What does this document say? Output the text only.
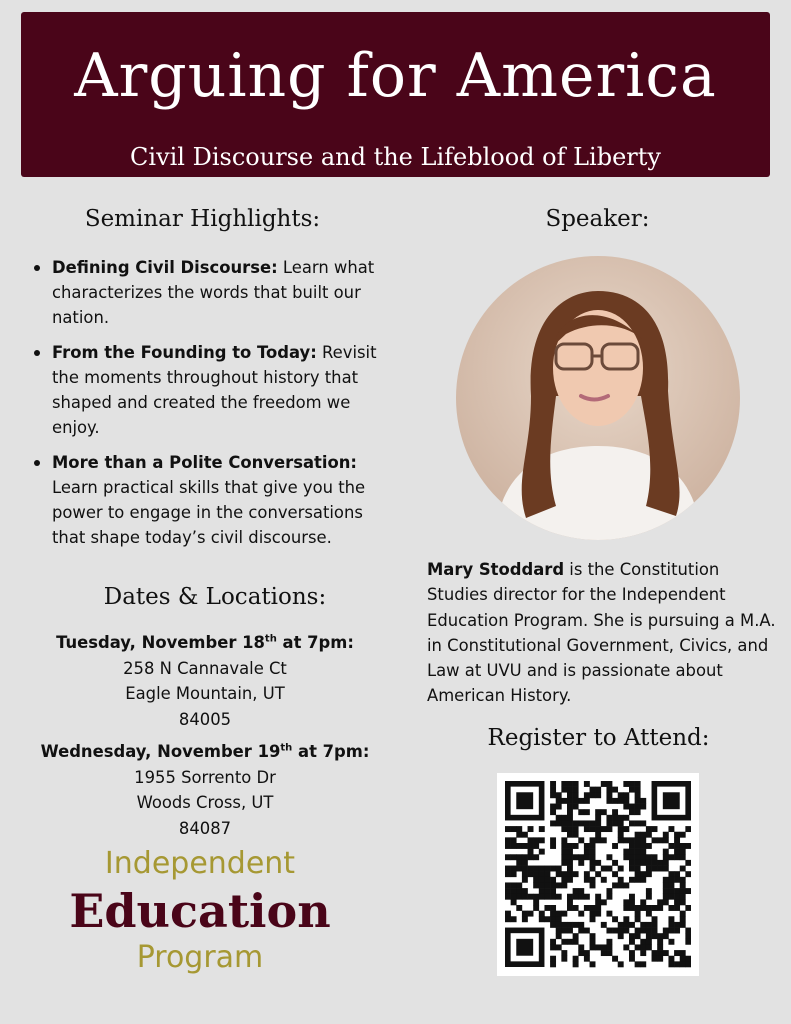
Arguing for America
Civil Discourse and the Lifeblood of Liberty
Seminar Highlights:
Defining Civil Discourse: Learn what characterizes the words that built our nation.
From the Founding to Today: Revisit the moments throughout history that shaped and created the freedom we enjoy.
More than a Polite Conversation: Learn practical skills that give you the power to engage in the conversations that shape today’s civil discourse.
Dates & Locations:
Tuesday, November 18th at 7pm:
258 N Cannavale Ct
Eagle Mountain, UT
84005
Wednesday, November 19th at 7pm:
1955 Sorrento Dr
Woods Cross, UT
84087
Independent
Education
Program
Speaker:
Mary Stoddard is the Constitution Studies director for the Independent Education Program. She is pursuing a M.A. in Constitutional Government, Civics, and Law at UVU and is passionate about American History.
Register to Attend:
